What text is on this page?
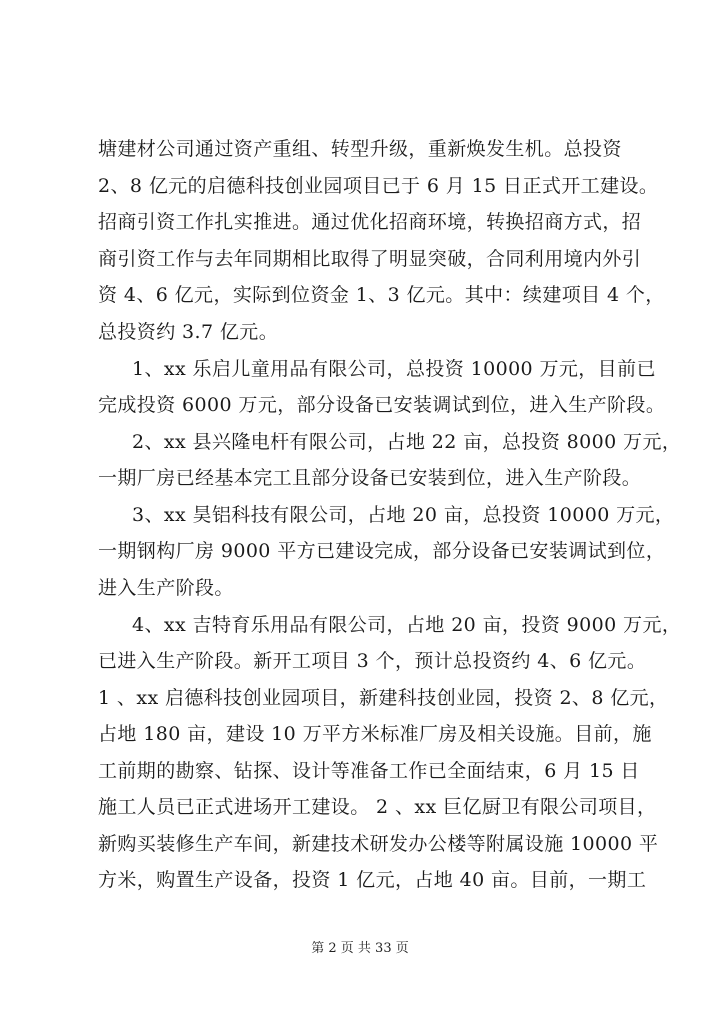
塘建材公司通过资产重组、转型升级，重新焕发生机。总投资
2、8 亿元的启德科技创业园项目已于 6 月 15 日正式开工建设。
招商引资工作扎实推进。通过优化招商环境，转换招商方式，招
商引资工作与去年同期相比取得了明显突破，合同利用境内外引
资 4、6 亿元，实际到位资金 1、3 亿元。其中：续建项目 4 个，
总投资约 3.7 亿元。
1、xx 乐启儿童用品有限公司，总投资 10000 万元，目前已
完成投资 6000 万元，部分设备已安装调试到位，进入生产阶段。
2、xx 县兴隆电杆有限公司，占地 22 亩，总投资 8000 万元，
一期厂房已经基本完工且部分设备已安装到位，进入生产阶段。
3、xx 昊铝科技有限公司，占地 20 亩，总投资 10000 万元，
一期钢构厂房 9000 平方已建设完成，部分设备已安装调试到位，
进入生产阶段。
4、xx 吉特育乐用品有限公司，占地 20 亩，投资 9000 万元，
已进入生产阶段。新开工项目 3 个，预计总投资约 4、6 亿元。
1 、xx 启德科技创业园项目，新建科技创业园，投资 2、8 亿元，
占地 180 亩，建设 10 万平方米标准厂房及相关设施。目前，施
工前期的勘察、钻探、设计等准备工作已全面结束，6 月 15 日
施工人员已正式进场开工建设。 2 、xx 巨亿厨卫有限公司项目，
新购买装修生产车间，新建技术研发办公楼等附属设施 10000 平
方米，购置生产设备，投资 1 亿元，占地 40 亩。目前，一期工
第 2 页 共 33 页
